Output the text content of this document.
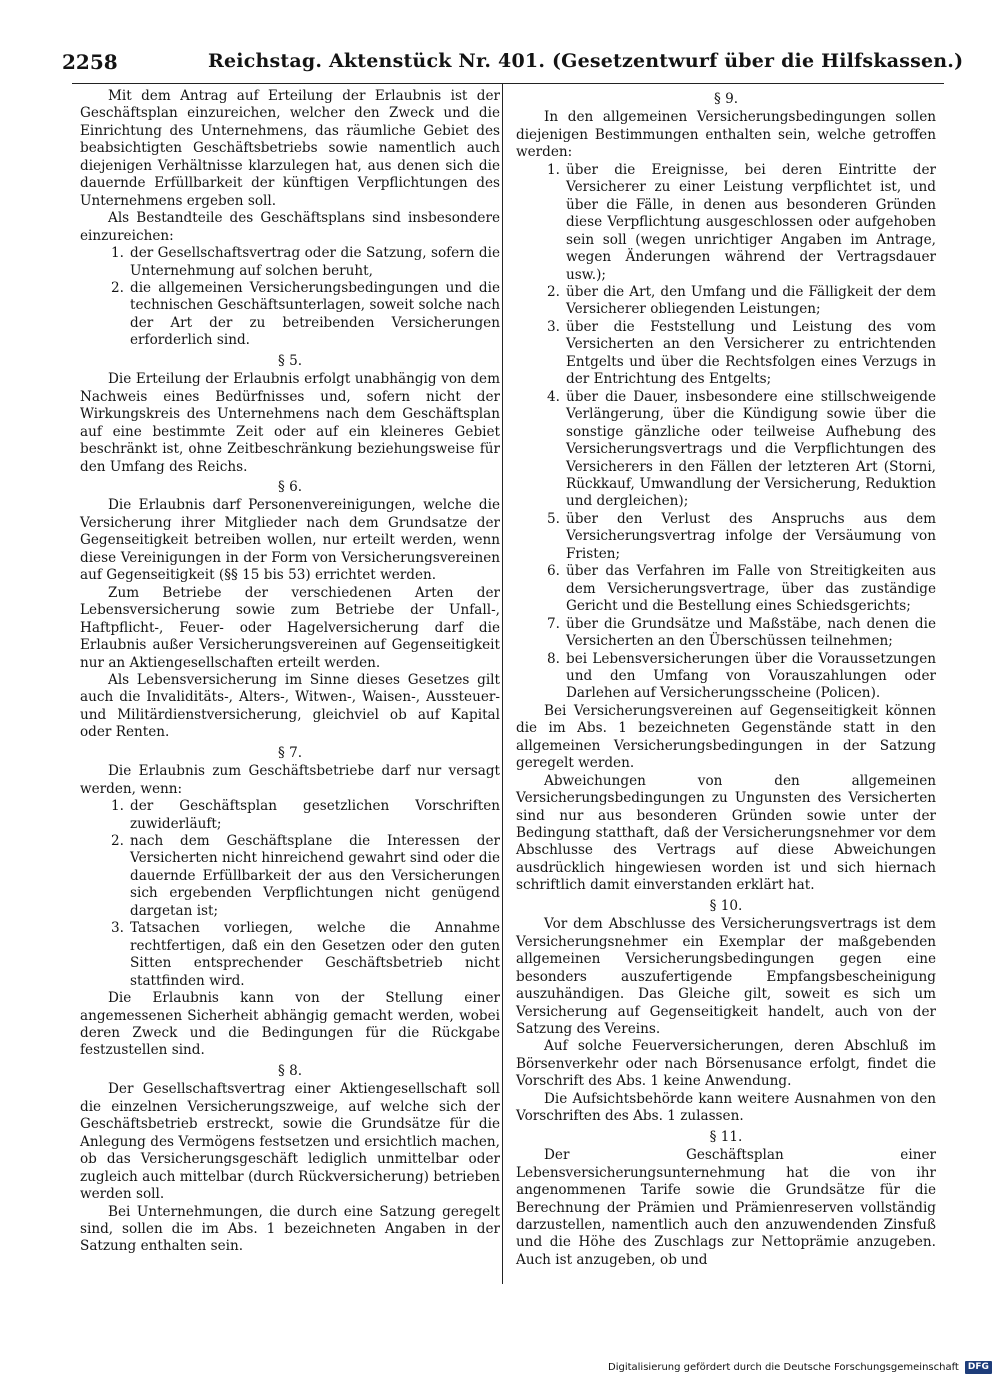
2258	Reichstag. Aktenstück Nr. 401. (Gesetzentwurf über die Hilfskassen.)

Mit dem Antrag auf Erteilung der Erlaubnis ist der Geschäftsplan einzureichen, welcher den Zweck und die Einrichtung des Unternehmens, das räumliche Gebiet des beabsichtigten Geschäftsbetriebs sowie namentlich auch diejenigen Verhältnisse klarzulegen hat, aus denen sich die dauernde Erfüllbarkeit der künftigen Verpflichtungen des Unternehmens ergeben soll.

Als Bestandteile des Geschäftsplans sind insbesondere einzureichen:

1. der Gesellschaftsvertrag oder die Satzung, sofern die Unternehmung auf solchen beruht,
2. die allgemeinen Versicherungsbedingungen und die technischen Geschäftsunterlagen, soweit solche nach der Art der zu betreibenden Versicherungen erforderlich sind.
§ 5.

Die Erteilung der Erlaubnis erfolgt unabhängig von dem Nachweis eines Bedürfnisses und, sofern nicht der Wirkungskreis des Unternehmens nach dem Geschäftsplan auf eine bestimmte Zeit oder auf ein kleineres Gebiet beschränkt ist, ohne Zeitbeschränkung beziehungsweise für den Umfang des Reichs.

§ 6.

Die Erlaubnis darf Personenvereinigungen, welche die Versicherung ihrer Mitglieder nach dem Grundsatze der Gegenseitigkeit betreiben wollen, nur erteilt werden, wenn diese Vereinigungen in der Form von Versicherungsvereinen auf Gegenseitigkeit (§§ 15 bis 53) errichtet werden.

Zum Betriebe der verschiedenen Arten der Lebensversicherung sowie zum Betriebe der Unfall-, Haftpflicht-, Feuer- oder Hagelversicherung darf die Erlaubnis außer Versicherungsvereinen auf Gegenseitigkeit nur an Aktiengesellschaften erteilt werden.

Als Lebensversicherung im Sinne dieses Gesetzes gilt auch die Invaliditäts-, Alters-, Witwen-, Waisen-, Aussteuer- und Militärdienstversicherung, gleichviel ob auf Kapital oder Renten.

§ 7.

Die Erlaubnis zum Geschäftsbetriebe darf nur versagt werden, wenn:

1. der Geschäftsplan gesetzlichen Vorschriften zuwiderläuft;
2. nach dem Geschäftsplane die Interessen der Versicherten nicht hinreichend gewahrt sind oder die dauernde Erfüllbarkeit der aus den Versicherungen sich ergebenden Verpflichtungen nicht genügend dargetan ist;
3. Tatsachen vorliegen, welche die Annahme rechtfertigen, daß ein den Gesetzen oder den guten Sitten entsprechender Geschäftsbetrieb nicht stattfinden wird.

Die Erlaubnis kann von der Stellung einer angemessenen Sicherheit abhängig gemacht werden, wobei deren Zweck und die Bedingungen für die Rückgabe festzustellen sind.

§ 8.

Der Gesellschaftsvertrag einer Aktiengesellschaft soll die einzelnen Versicherungszweige, auf welche sich der Geschäftsbetrieb erstreckt, sowie die Grundsätze für die Anlegung des Vermögens festsetzen und ersichtlich machen, ob das Versicherungsgeschäft lediglich unmittelbar oder zugleich auch mittelbar (durch Rückversicherung) betrieben werden soll.

Bei Unternehmungen, die durch eine Satzung geregelt sind, sollen die im Abs. 1 bezeichneten Angaben in der Satzung enthalten sein.

§ 9.

In den allgemeinen Versicherungsbedingungen sollen diejenigen Bestimmungen enthalten sein, welche getroffen werden:

1. über die Ereignisse, bei deren Eintritte der Versicherer zu einer Leistung verpflichtet ist, und über die Fälle, in denen aus besonderen Gründen diese Verpflichtung ausgeschlossen oder aufgehoben sein soll (wegen unrichtiger Angaben im Antrage, wegen Änderungen während der Vertragsdauer usw.);
2. über die Art, den Umfang und die Fälligkeit der dem Versicherer obliegenden Leistungen;
3. über die Feststellung und Leistung des vom Versicherten an den Versicherer zu entrichtenden Entgelts und über die Rechtsfolgen eines Verzugs in der Entrichtung des Entgelts;
4. über die Dauer, insbesondere eine stillschweigende Verlängerung, über die Kündigung sowie über die sonstige gänzliche oder teilweise Aufhebung des Versicherungsvertrags und die Verpflichtungen des Versicherers in den Fällen der letzteren Art (Storni, Rückkauf, Umwandlung der Versicherung, Reduktion und dergleichen);
5. über den Verlust des Anspruchs aus dem Versicherungsvertrag infolge der Versäumung von Fristen;
6. über das Verfahren im Falle von Streitigkeiten aus dem Versicherungsvertrage, über das zuständige Gericht und die Bestellung eines Schiedsgerichts;
7. über die Grundsätze und Maßstäbe, nach denen die Versicherten an den Überschüssen teilnehmen;
8. bei Lebensversicherungen über die Voraussetzungen und den Umfang von Vorauszahlungen oder Darlehen auf Versicherungsscheine (Policen).

Bei Versicherungsvereinen auf Gegenseitigkeit können die im Abs. 1 bezeichneten Gegenstände statt in den allgemeinen Versicherungsbedingungen in der Satzung geregelt werden.

Abweichungen von den allgemeinen Versicherungsbedingungen zu Ungunsten des Versicherten sind nur aus besonderen Gründen sowie unter der Bedingung statthaft, daß der Versicherungsnehmer vor dem Abschlusse des Vertrags auf diese Abweichungen ausdrücklich hingewiesen worden ist und sich hiernach schriftlich damit einverstanden erklärt hat.

§ 10.

Vor dem Abschlusse des Versicherungsvertrags ist dem Versicherungsnehmer ein Exemplar der maßgebenden allgemeinen Versicherungsbedingungen gegen eine besonders auszufertigende Empfangsbescheinigung auszuhändigen. Das Gleiche gilt, soweit es sich um Versicherung auf Gegenseitigkeit handelt, auch von der Satzung des Vereins.

Auf solche Feuerversicherungen, deren Abschluß im Börsenverkehr oder nach Börsenusance erfolgt, findet die Vorschrift des Abs. 1 keine Anwendung.

Die Aufsichtsbehörde kann weitere Ausnahmen von den Vorschriften des Abs. 1 zulassen.

§ 11.

Der Geschäftsplan einer Lebensversicherungsunternehmung hat die von ihr angenommenen Tarife sowie die Grundsätze für die Berechnung der Prämien und Prämienreserven vollständig darzustellen, namentlich auch den anzuwendenden Zinsfuß und die Höhe des Zuschlags zur Nettoprämie anzugeben. Auch ist anzugeben, ob und

Digitalisierung gefördert durch die Deutsche Forschungsgemeinschaft	DFG
